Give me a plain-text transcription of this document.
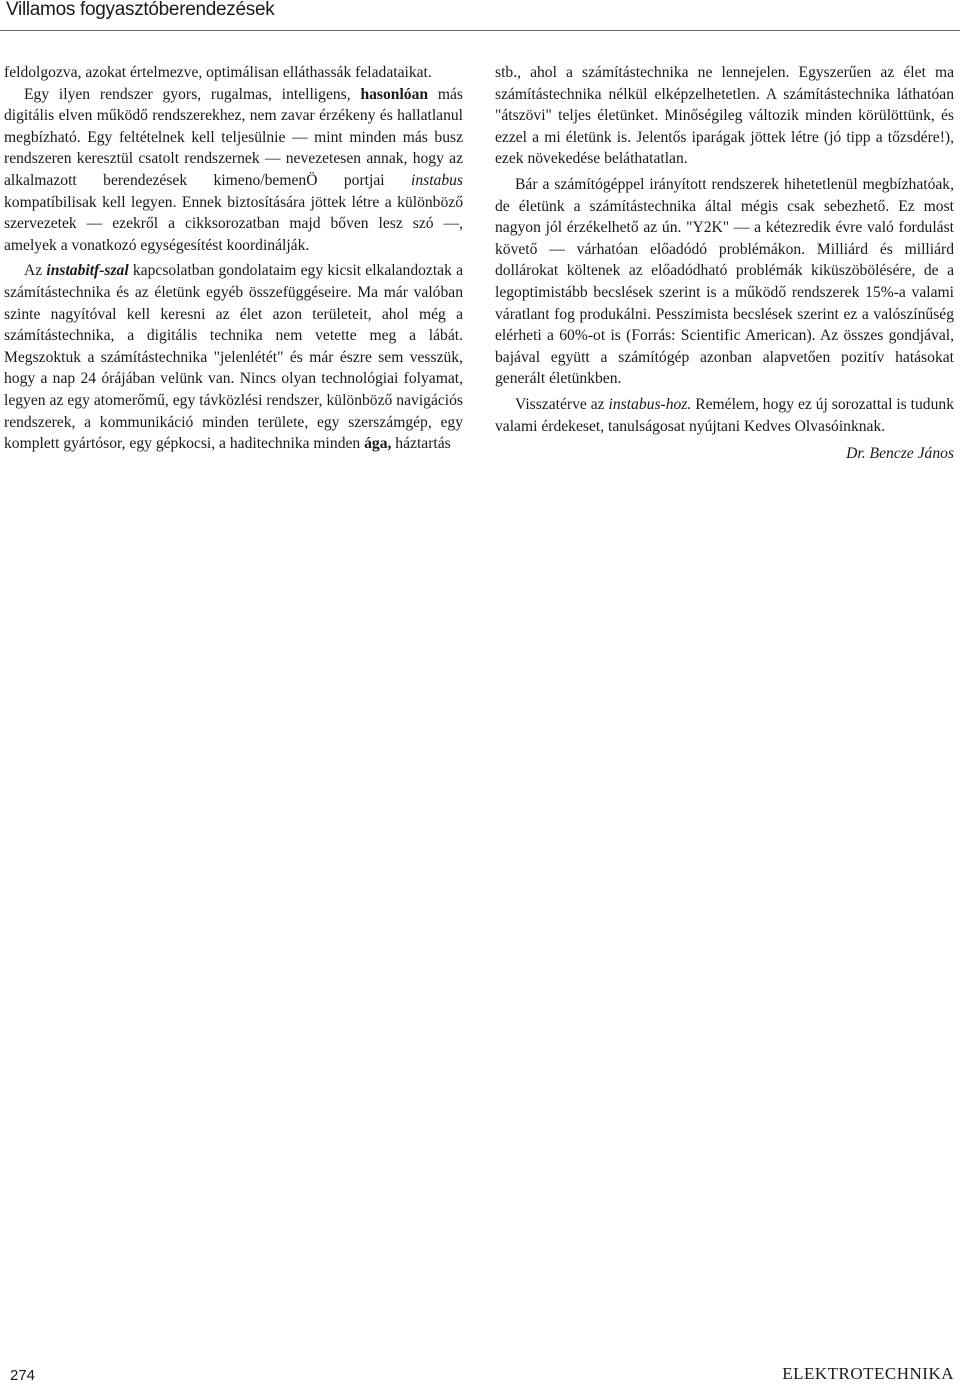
Villamos fogyasztóberendezések

feldolgozva, azokat értelmezve, optimálisan elláthassák feladataikat.

Egy ilyen rendszer gyors, rugalmas, intelligens, hasonlóan más digitális elven működő rendszerekhez, nem zavar érzékeny és hallatlanul megbízható. Egy feltételnek kell teljesülnie — mint minden más busz rendszeren keresztül csatolt rendszernek — nevezetesen annak, hogy az alkalmazott berendezések kimeno/bemenÖ portjai instabus kompatíbilisak kell legyen. Ennek biztosítására jöttek létre a különböző szervezetek — ezekről a cikksorozatban majd bőven lesz szó —, amelyek a vonatkozó egységesítést koordinálják.

Az instabitf-szal kapcsolatban gondolataim egy kicsit elkalandoztak a számítástechnika és az életünk egyéb összefüggéseire. Ma már valóban szinte nagyítóval kell keresni az élet azon területeit, ahol még a számítástechnika, a digitális technika nem vetette meg a lábát. Megszoktuk a számítástechnika "jelenlétét" és már észre sem vesszük, hogy a nap 24 órájában velünk van. Nincs olyan technológiai folyamat, legyen az egy atomerőmű, egy távközlési rendszer, különböző navigációs rendszerek, a kommunikáció minden területe, egy szerszámgép, egy komplett gyártósor, egy gépkocsi, a haditechnika minden ága, háztartás

stb., ahol a számítástechnika ne lennejelen. Egyszerűen az élet ma számítástechnika nélkül elképzelhetetlen. A számítástechnika láthatóan "átszövi" teljes életünket. Minőségileg változik minden körülöttünk, és ezzel a mi életünk is. Jelentős iparágak jöttek létre (jó tipp a tőzsdére!), ezek növekedése beláthatatlan.

Bár a számítógéppel irányított rendszerek hihetetlenül megbízhatóak, de életünk a számítástechnika által mégis csak sebezhető. Ez most nagyon jól érzékelhető az ún. "Y2K" — a kétezredik évre való fordulást követő — várhatóan előadódó problémákon. Milliárd és milliárd dollárokat költenek az előadódható problémák kiküszöbölésére, de a legoptimistább becslések szerint is a működő rendszerek 15%-a valami váratlant fog produkálni. Pesszimista becslések szerint ez a valószínűség elérheti a 60%-ot is (Forrás: Scientific American). Az összes gondjával, bajával együtt a számítógép azonban alapvetően pozitív hatásokat generált életünkben.

Visszatérve az instabus-hoz. Remélem, hogy ez új sorozattal is tudunk valami érdekeset, tanulságosat nyújtani Kedves Olvasóinknak.

Dr. Bencze János
274	ELEKTROTECHNIKA
